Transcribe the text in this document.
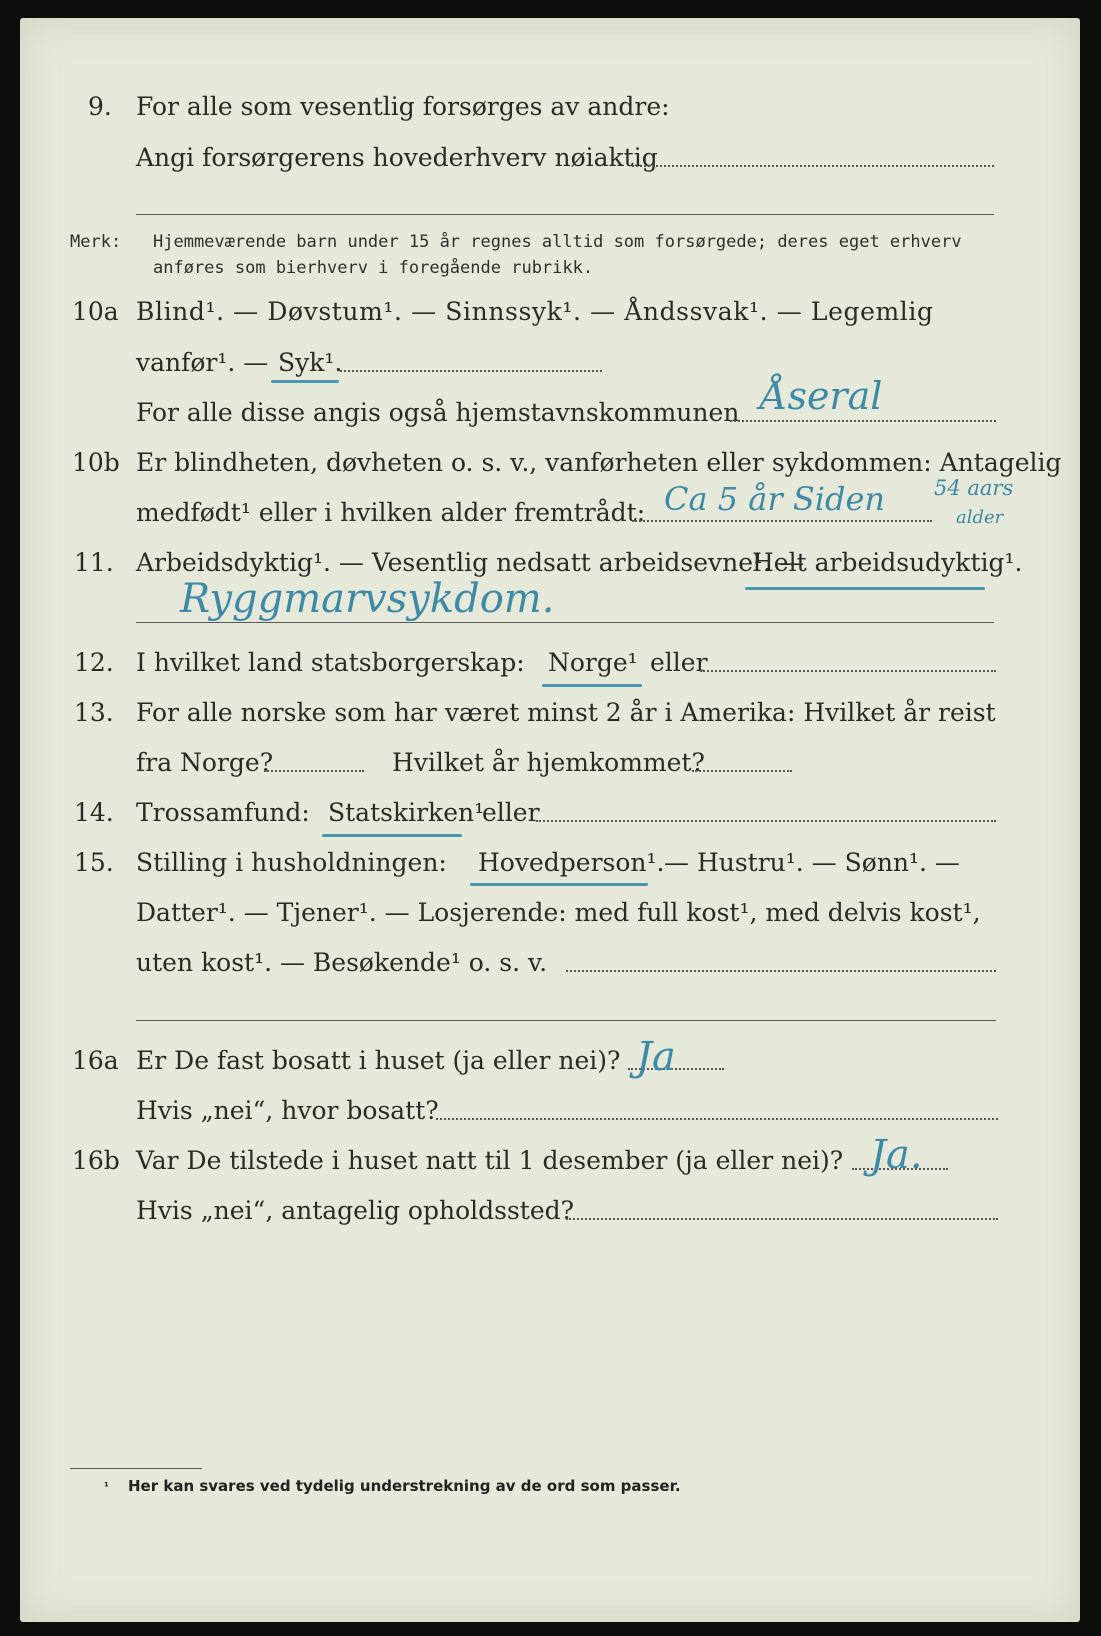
9. For alle som vesentlig forsørges av andre:
Angi forsørgerens hovederhverv nøiaktig
Merk: Hjemmeværende barn under 15 år regnes alltid som forsørgede; deres eget erhverv
anføres som bierhverv i foregående rubrikk.
10a Blind¹. — Døvstum¹. — Sinnssyk¹. — Åndssvak¹. — Legemlig
vanfør¹. — Syk¹.
For alle disse angis også hjemstavnskommunen Åseral
10b Er blindheten, døvheten o. s. v., vanførheten eller sykdommen: Antagelig
medfødt¹ eller i hvilken alder fremtrådt: Ca 5 år Siden 54 aars
alder
11. Arbeidsdyktig¹. — Vesentlig nedsatt arbeidsevne¹. —
Helt arbeidsudyktig¹.
Ryggmarvsykdom.
12. I hvilket land statsborgerskap: Norge¹ eller
13. For alle norske som har været minst 2 år i Amerika: Hvilket år reist
fra Norge?	Hvilket år hjemkommet?
14. Trossamfund: Statskirken¹
eller
15. Stilling i husholdningen: Hovedperson¹. — Hustru¹. — Sønn¹. —
Datter¹. — Tjener¹. — Losjerende: med full kost¹, med delvis kost¹,
uten kost¹. — Besøkende¹ o. s. v.
16a Er De fast bosatt i huset (ja eller nei)? Ja
Hvis „nei“, hvor bosatt?
16b Var De tilstede i huset natt til 1 desember (ja eller nei)? Ja.
Hvis „nei“, antagelig opholdssted?
¹ Her kan svares ved tydelig understrekning av de ord som passer.
